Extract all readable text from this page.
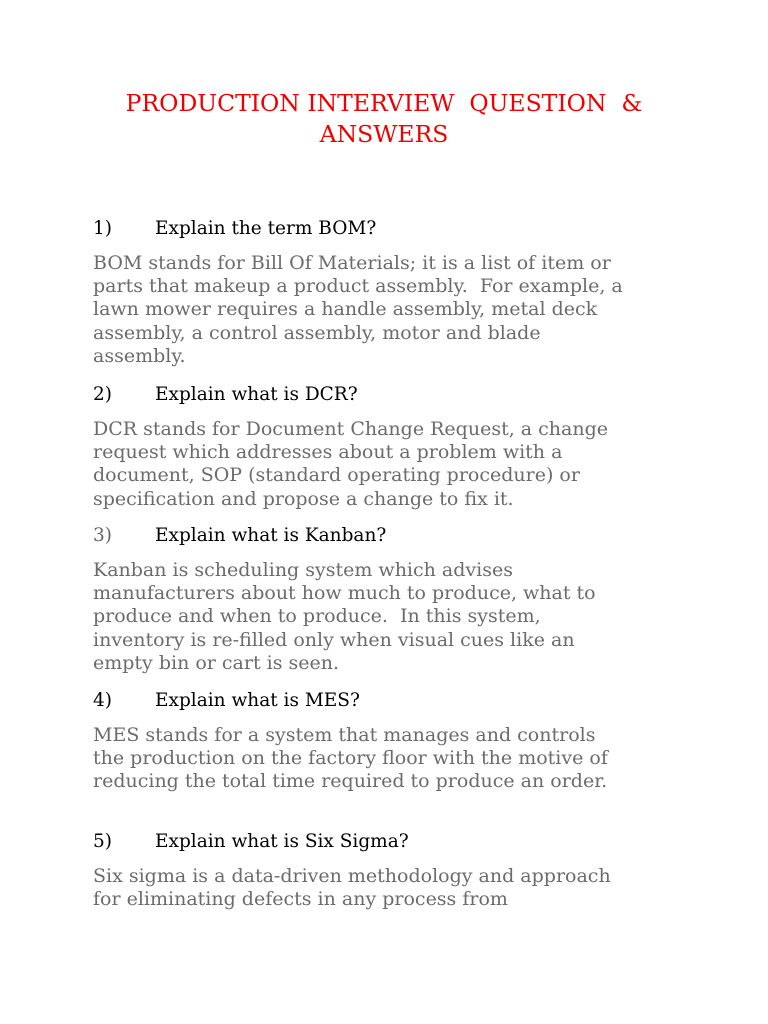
PRODUCTION INTERVIEW  QUESTION  &
ANSWERS

1)

Explain the term BOM?

BOM stands for Bill Of Materials; it is a list of item or
parts that makeup a product assembly.  For example, a
lawn mower requires a handle assembly, metal deck
assembly, a control assembly, motor and blade
assembly.

2)

Explain what is DCR?

DCR stands for Document Change Request, a change
request which addresses about a problem with a
document, SOP (standard operating procedure) or
specification and propose a change to fix it.

3)

Explain what is Kanban?

Kanban is scheduling system which advises
manufacturers about how much to produce, what to
produce and when to produce.  In this system,
inventory is re-filled only when visual cues like an
empty bin or cart is seen.

4)

Explain what is MES?

MES stands for a system that manages and controls
the production on the factory floor with the motive of
reducing the total time required to produce an order.

5)

Explain what is Six Sigma?

Six sigma is a data-driven methodology and approach
for eliminating defects in any process from
